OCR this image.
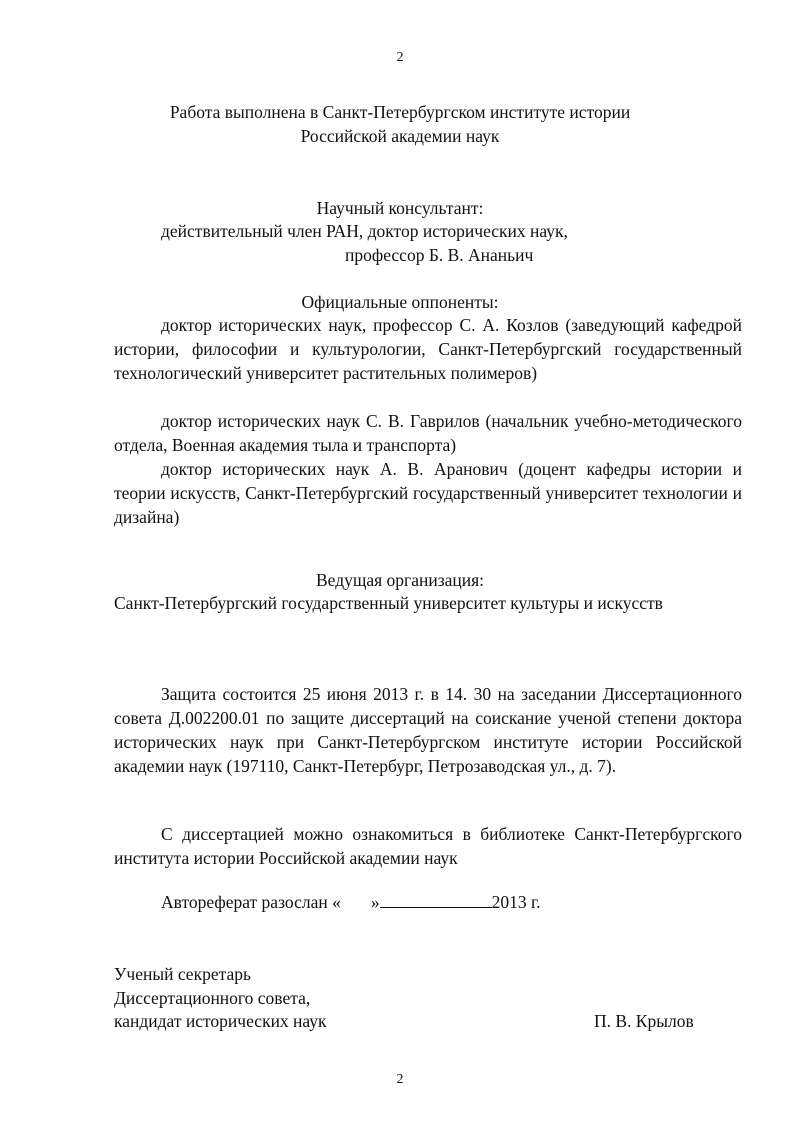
2
Работа выполнена в Санкт-Петербургском институте истории
Российской академии наук
Научный консультант:
действительный член РАН, доктор исторических наук,
профессор Б. В. Ананьич
Официальные оппоненты:
доктор исторических наук, профессор С. А. Козлов (заведующий кафедрой истории, философии и культурологии, Санкт-Петербургский государственный технологический университет растительных полимеров)
доктор исторических наук С. В. Гаврилов (начальник учебно-методического отдела, Военная академия тыла и транспорта)
доктор исторических наук А. В. Аранович (доцент кафедры истории и теории искусств, Санкт-Петербургский государственный университет технологии и дизайна)
Ведущая организация:
Санкт-Петербургский государственный университет культуры и искусств
Защита состоится 25 июня 2013 г. в 14. 30 на заседании Диссертационного совета Д.002200.01 по защите диссертаций на соискание ученой степени доктора исторических наук при Санкт-Петербургском институте истории Российской академии наук (197110, Санкт-Петербург, Петрозаводская ул., д. 7).
С диссертацией можно ознакомиться в библиотеке Санкт-Петербургского института истории Российской академии наук
Автореферат разослан « »	2013 г.
Ученый секретарь
Диссертационного совета,
кандидат исторических наук	П. В. Крылов
2
